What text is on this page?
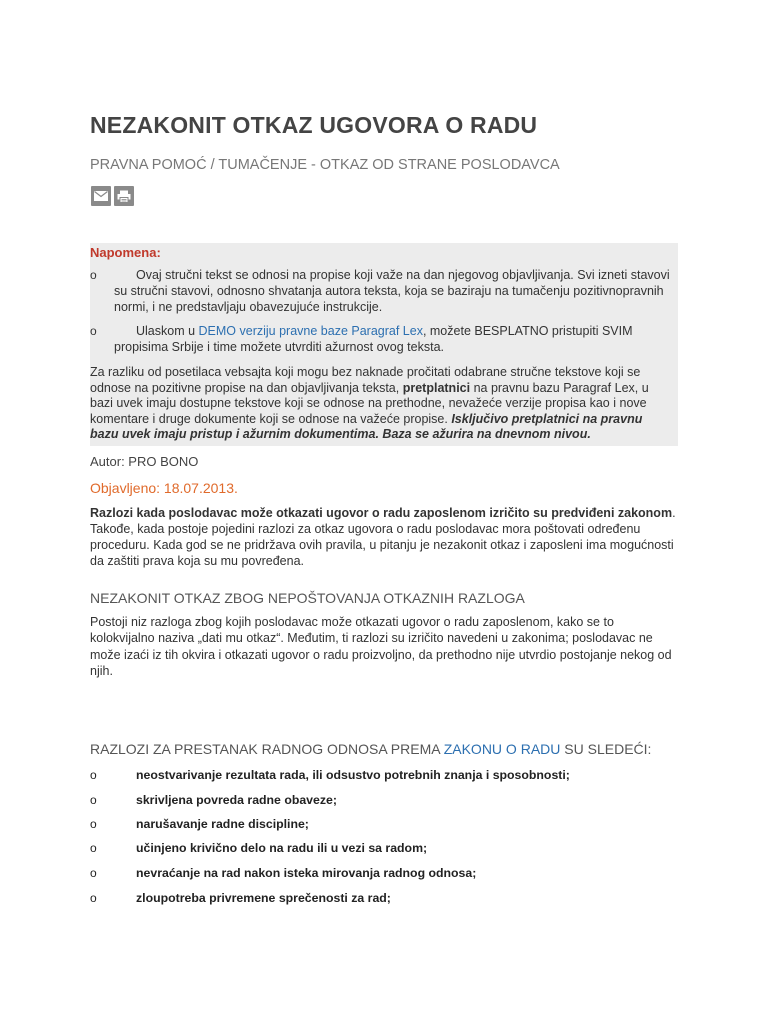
NEZAKONIT OTKAZ UGOVORA O RADU
PRAVNA POMOĆ / TUMAČENJE - OTKAZ OD STRANE POSLODAVCA
Napomena:
o	Ovaj stručni tekst se odnosi na propise koji važe na dan njegovog objavljivanja. Svi izneti stavovi su stručni stavovi, odnosno shvatanja autora teksta, koja se baziraju na tumačenju pozitivnopravnih normi, i ne predstavljaju obavezujuće instrukcije.
o	Ulaskom u DEMO verziju pravne baze Paragraf Lex, možete BESPLATNO pristupiti SVIM propisima Srbije i time možete utvrditi ažurnost ovog teksta.
Za razliku od posetilaca vebsajta koji mogu bez naknade pročitati odabrane stručne tekstove koji se odnose na pozitivne propise na dan objavljivanja teksta, pretplatnici na pravnu bazu Paragraf Lex, u bazi uvek imaju dostupne tekstove koji se odnose na prethodne, nevažeće verzije propisa kao i nove komentare i druge dokumente koji se odnose na važeće propise. Isključivo pretplatnici na pravnu bazu uvek imaju pristup i ažurnim dokumentima. Baza se ažurira na dnevnom nivou.
Autor: PRO BONO
Objavljeno: 18.07.2013.
Razlozi kada poslodavac može otkazati ugovor o radu zaposlenom izričito su predviđeni zakonom. Takođe, kada postoje pojedini razlozi za otkaz ugovora o radu poslodavac mora poštovati određenu proceduru. Kada god se ne pridržava ovih pravila, u pitanju je nezakonit otkaz i zaposleni ima mogućnosti da zaštiti prava koja su mu povređena.
NEZAKONIT OTKAZ ZBOG NEPOŠTOVANJA OTKAZNIH RAZLOGA
Postoji niz razloga zbog kojih poslodavac može otkazati ugovor o radu zaposlenom, kako se to kolokvijalno naziva „dati mu otkaz“. Međutim, ti razlozi su izričito navedeni u zakonima; poslodavac ne može izaći iz tih okvira i otkazati ugovor o radu proizvoljno, da prethodno nije utvrdio postojanje nekog od njih.
RAZLOZI ZA PRESTANAK RADNOG ODNOSA PREMA ZAKONU O RADU SU SLEDEĆI:
o	neostvarivanje rezultata rada, ili odsustvo potrebnih znanja i sposobnosti;
o	skrivljena povreda radne obaveze;
o	narušavanje radne discipline;
o	učinjeno krivično delo na radu ili u vezi sa radom;
o	nevraćanje na rad nakon isteka mirovanja radnog odnosa;
o	zloupotreba privremene sprečenosti za rad;
